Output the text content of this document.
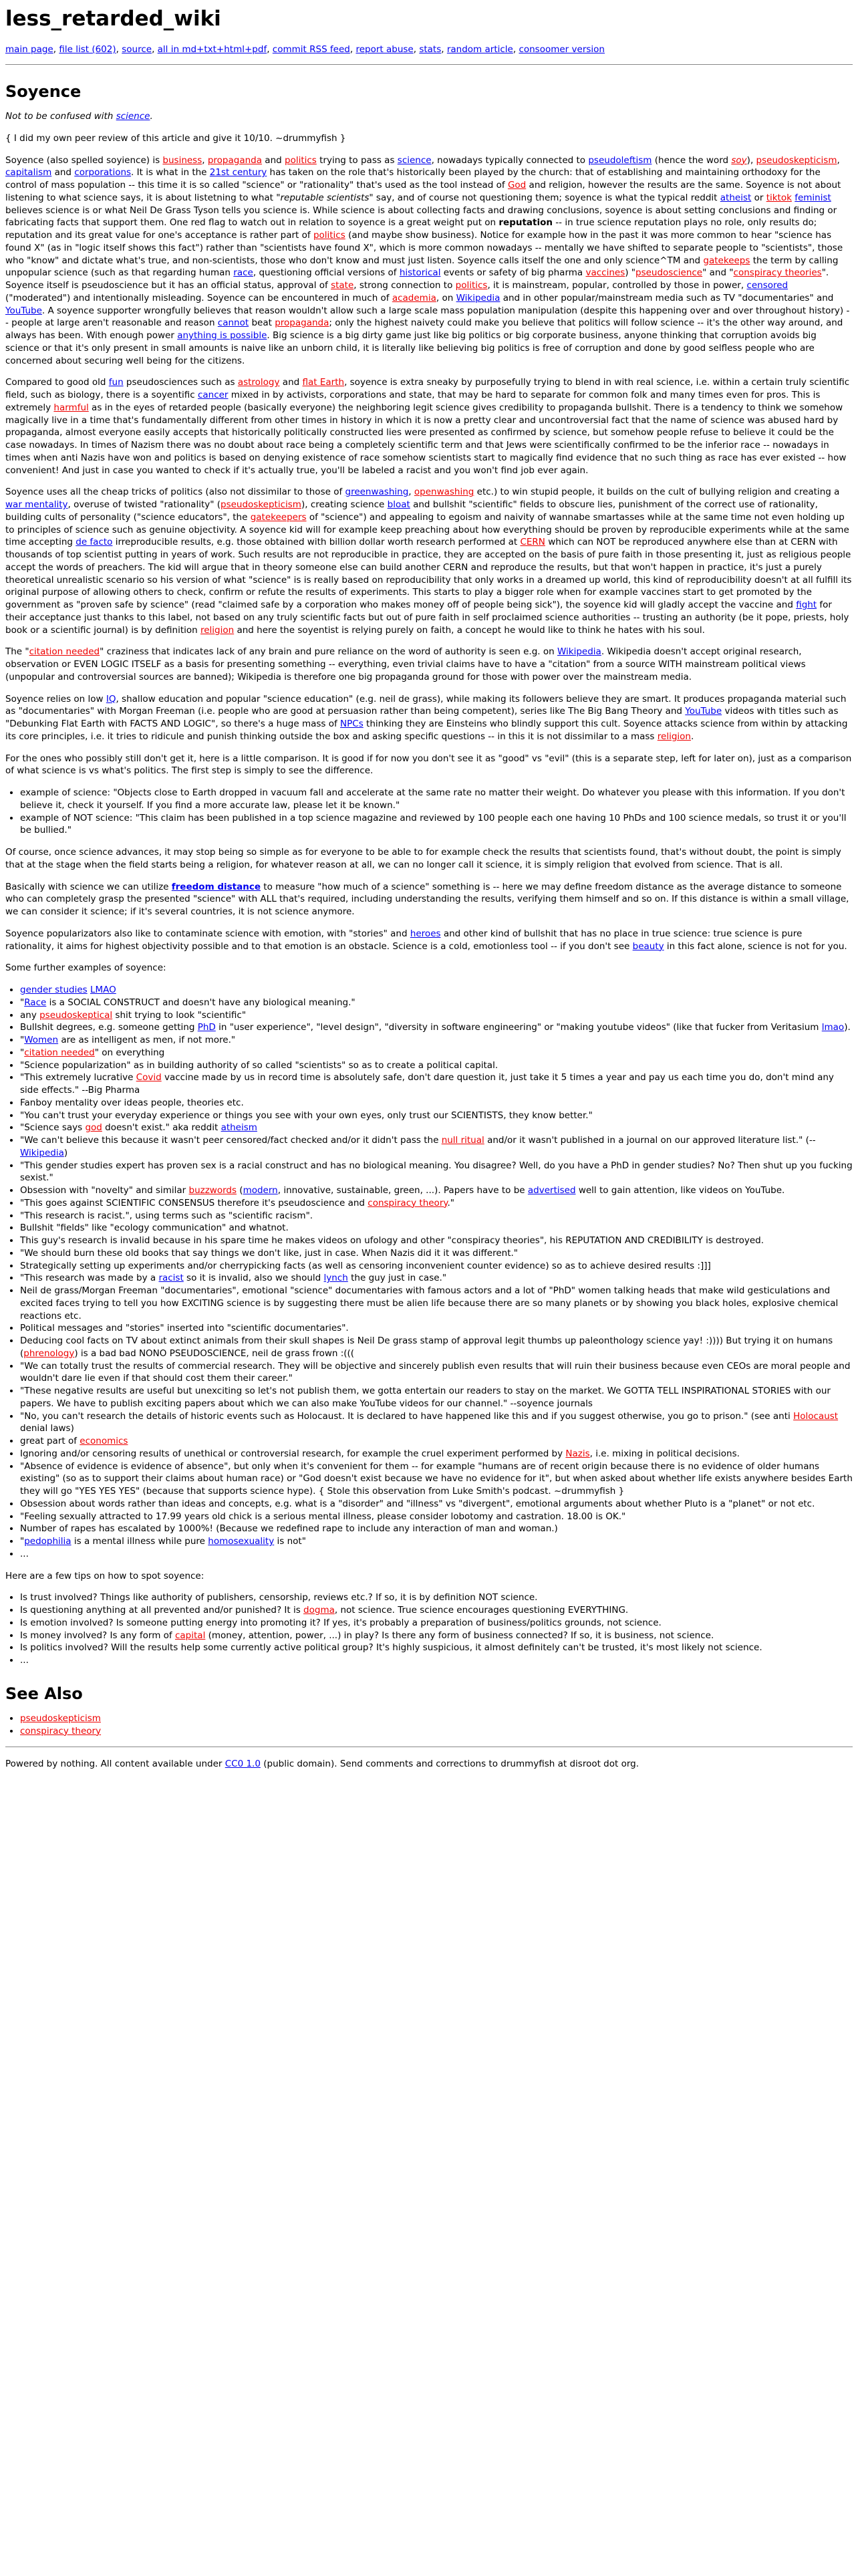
less_retarded_wiki
main page, file list (602), source, all in md+txt+html+pdf, commit RSS feed, report abuse, stats, random article, consoomer version
Soyence

Not to be confused with science.

{ I did my own peer review of this article and give it 10/10. ~drummyfish }

Soyence (also spelled soyience) is business, propaganda and politics trying to pass as science, nowadays typically connected to pseudoleftism (hence the word soy), pseudoskepticism, capitalism and corporations. It is what in the 21st century has taken on the role that's historically been played by the church: that of establishing and maintaining orthodoxy for the control of mass population -- this time it is so called "science" or "rationality" that's used as the tool instead of God and religion, however the results are the same. Soyence is not about listening to what science says, it is about listetning to what "reputable scientists" say, and of course not questioning them; soyence is what the typical reddit atheist or tiktok feminist believes science is or what Neil De Grass Tyson tells you science is. While science is about collecting facts and drawing conclusions, soyence is about setting conclusions and finding or fabricating facts that support them. One red flag to watch out in relation to soyence is a great weight put on reputation -- in true science reputation plays no role, only results do; reputation and its great value for one's acceptance is rather part of politics (and maybe show business). Notice for example how in the past it was more common to hear "science has found X" (as in "logic itself shows this fact") rather than "scientists have found X", which is more common nowadays -- mentally we have shifted to separate people to "scientists", those who "know" and dictate what's true, and non-scientists, those who don't know and must just listen. Soyence calls itself the one and only science^TM and gatekeeps the term by calling unpopular science (such as that regarding human race, questioning official versions of historical events or safety of big pharma vaccines) "pseudoscience" and "conspiracy theories". Soyence itself is pseudoscience but it has an official status, approval of state, strong connection to politics, it is mainstream, popular, controlled by those in power, censored ("moderated") and intentionally misleading. Soyence can be encountered in much of academia, on Wikipedia and in other popular/mainstream media such as TV "documentaries" and YouTube. A soyence supporter wrongfully believes that reason wouldn't allow such a large scale mass population manipulation (despite this happening over and over throughout history) -- people at large aren't reasonable and reason cannot beat propaganda; only the highest naivety could make you believe that politics will follow science -- it's the other way around, and always has been. With enough power anything is possible. Big science is a big dirty game just like big politics or big corporate business, anyone thinking that corruption avoids big science or that it's only present in small amounts is naive like an unborn child, it is literally like believing big politics is free of corruption and done by good selfless people who are concerned about securing well being for the citizens.

Compared to good old fun pseudosciences such as astrology and flat Earth, soyence is extra sneaky by purposefully trying to blend in with real science, i.e. within a certain truly scientific field, such as biology, there is a soyentific cancer mixed in by activists, corporations and state, that may be hard to separate for common folk and many times even for pros. This is extremely harmful as in the eyes of retarded people (basically everyone) the neighboring legit science gives credibility to propaganda bullshit. There is a tendency to think we somehow magically live in a time that's fundamentally different from other times in history in which it is now a pretty clear and uncontroversial fact that the name of science was abused hard by propaganda, almost everyone easily accepts that historically politically constructed lies were presented as confirmed by science, but somehow people refuse to believe it could be the case nowadays. In times of Nazism there was no doubt about race being a completely scientific term and that Jews were scientifically confirmed to be the inferior race -- nowadays in times when anti Nazis have won and politics is based on denying existence of race somehow scientists start to magically find evidence that no such thing as race has ever existed -- how convenient! And just in case you wanted to check if it's actually true, you'll be labeled a racist and you won't find job ever again.

Soyence uses all the cheap tricks of politics (also not dissimilar to those of greenwashing, openwashing etc.) to win stupid people, it builds on the cult of bullying religion and creating a war mentality, overuse of twisted "rationality" (pseudoskepticism), creating science bloat and bullshit "scientific" fields to obscure lies, punishment of the correct use of rationality, building cults of personality ("science educators", the gatekeepers of "science") and appealing to egoism and naivity of wannabe smartasses while at the same time not even holding up to principles of science such as genuine objectivity. A soyence kid will for example keep preaching about how everything should be proven by reproducible experiments while at the same time accepting de facto irreproducible results, e.g. those obtained with billion dollar worth research performed at CERN which can NOT be reproduced anywhere else than at CERN with thousands of top scientist putting in years of work. Such results are not reproducible in practice, they are accepted on the basis of pure faith in those presenting it, just as religious people accept the words of preachers. The kid will argue that in theory someone else can build another CERN and reproduce the results, but that won't happen in practice, it's just a purely theoretical unrealistic scenario so his version of what "science" is is really based on reproducibility that only works in a dreamed up world, this kind of reproducibility doesn't at all fulfill its original purpose of allowing others to check, confirm or refute the results of experiments. This starts to play a bigger role when for example vaccines start to get promoted by the government as "proven safe by science" (read "claimed safe by a corporation who makes money off of people being sick"), the soyence kid will gladly accept the vaccine and fight for their acceptance just thanks to this label, not based on any truly scientific facts but out of pure faith in self proclaimed science authorities -- trusting an authority (be it pope, priests, holy book or a scientific journal) is by definition religion and here the soyentist is relying purely on faith, a concept he would like to think he hates with his soul.

The "citation needed" craziness that indicates lack of any brain and pure reliance on the word of authority is seen e.g. on Wikipedia. Wikipedia doesn't accept original research, observation or EVEN LOGIC ITSELF as a basis for presenting something -- everything, even trivial claims have to have a "citation" from a source WITH mainstream political views (unpopular and controversial sources are banned); Wikipedia is therefore one big propaganda ground for those with power over the mainstream media.

Soyence relies on low IQ, shallow education and popular "science education" (e.g. neil de grass), while making its followers believe they are smart. It produces propaganda material such as "documentaries" with Morgan Freeman (i.e. people who are good at persuasion rather than being competent), series like The Big Bang Theory and YouTube videos with titles such as "Debunking Flat Earth with FACTS AND LOGIC", so there's a huge mass of NPCs thinking they are Einsteins who blindly support this cult. Soyence attacks science from within by attacking its core principles, i.e. it tries to ridicule and punish thinking outside the box and asking specific questions -- in this it is not dissimilar to a mass religion.

For the ones who possibly still don't get it, here is a little comparison. It is good if for now you don't see it as "good" vs "evil" (this is a separate step, left for later on), just as a comparison of what science is vs what's politics. The first step is simply to see the difference.

• example of science: "Objects close to Earth dropped in vacuum fall and accelerate at the same rate no matter their weight. Do whatever you please with this information. If you don't believe it, check it yourself. If you find a more accurate law, please let it be known."
• example of NOT science: "This claim has been published in a top science magazine and reviewed by 100 people each one having 10 PhDs and 100 science medals, so trust it or you'll be bullied."

Of course, once science advances, it may stop being so simple as for everyone to be able to for example check the results that scientists found, that's without doubt, the point is simply that at the stage when the field starts being a religion, for whatever reason at all, we can no longer call it science, it is simply religion that evolved from science. That is all.

Basically with science we can utilize freedom distance to measure "how much of a science" something is -- here we may define freedom distance as the average distance to someone who can completely grasp the presented "science" with ALL that's required, including understanding the results, verifying them himself and so on. If this distance is within a small village, we can consider it science; if it's several countries, it is not science anymore.

Soyence popularizators also like to contaminate science with emotion, with "stories" and heroes and other kind of bullshit that has no place in true science: true science is pure rationality, it aims for highest objectivity possible and to that emotion is an obstacle. Science is a cold, emotionless tool -- if you don't see beauty in this fact alone, science is not for you.

Some further examples of soyence:

• gender studies LMAO
• "Race is a SOCIAL CONSTRUCT and doesn't have any biological meaning."
• any pseudoskeptical shit trying to look "scientific"
• Bullshit degrees, e.g. someone getting PhD in "user experience", "level design", "diversity in software engineering" or "making youtube videos" (like that fucker from Veritasium lmao).
• "Women are as intelligent as men, if not more."
• "citation needed" on everything
• "Science popularization" as in building authority of so called "scientists" so as to create a political capital.
• "This extremely lucrative Covid vaccine made by us in record time is absolutely safe, don't dare question it, just take it 5 times a year and pay us each time you do, don't mind any side effects." --Big Pharma
• Fanboy mentality over ideas people, theories etc.
• "You can't trust your everyday experience or things you see with your own eyes, only trust our SCIENTISTS, they know better."
• "Science says god doesn't exist." aka reddit atheism
• "We can't believe this because it wasn't peer censored/fact checked and/or it didn't pass the null ritual and/or it wasn't published in a journal on our approved literature list." (--Wikipedia)
• "This gender studies expert has proven sex is a racial construct and has no biological meaning. You disagree? Well, do you have a PhD in gender studies? No? Then shut up you fucking sexist."
• Obsession with "novelty" and similar buzzwords (modern, innovative, sustainable, green, ...). Papers have to be advertised well to gain attention, like videos on YouTube.
• "This goes against SCIENTIFIC CONSENSUS therefore it's pseudoscience and conspiracy theory."
• "This research is racist.", using terms such as "scientific racism".
• Bullshit "fields" like "ecology communication" and whatnot.
• This guy's research is invalid because in his spare time he makes videos on ufology and other "conspiracy theories", his REPUTATION AND CREDIBILITY is destroyed.
• "We should burn these old books that say things we don't like, just in case. When Nazis did it it was different."
• Strategically setting up experiments and/or cherrypicking facts (as well as censoring inconvenient counter evidence) so as to achieve desired results :]]]
• "This research was made by a racist so it is invalid, also we should lynch the guy just in case."
• Neil de grass/Morgan Freeman "documentaries", emotional "science" documentaries with famous actors and a lot of "PhD" women talking heads that make wild gesticulations and excited faces trying to tell you how EXCITING science is by suggesting there must be alien life because there are so many planets or by showing you black holes, explosive chemical reactions etc.
• Political messages and "stories" inserted into "scientific documentaries".
• Deducing cool facts on TV about extinct animals from their skull shapes is Neil De grass stamp of approval legit thumbs up paleonthology science yay! :)))) But trying it on humans (phrenology) is a bad bad NONO PSEUDOSCIENCE, neil de grass frown :(((
• "We can totally trust the results of commercial research. They will be objective and sincerely publish even results that will ruin their business because even CEOs are moral people and wouldn't dare lie even if that should cost them their career."
• "These negative results are useful but unexciting so let's not publish them, we gotta entertain our readers to stay on the market. We GOTTA TELL INSPIRATIONAL STORIES with our papers. We have to publish exciting papers about which we can also make YouTube videos for our channel." --soyence journals
• "No, you can't research the details of historic events such as Holocaust. It is declared to have happened like this and if you suggest otherwise, you go to prison." (see anti Holocaust denial laws)
• great part of economics
• Ignoring and/or censoring results of unethical or controversial research, for example the cruel experiment performed by Nazis, i.e. mixing in political decisions.
• "Absence of evidence is evidence of absence", but only when it's convenient for them -- for example "humans are of recent origin because there is no evidence of older humans existing" (so as to support their claims about human race) or "God doesn't exist because we have no evidence for it", but when asked about whether life exists anywhere besides Earth they will go "YES YES YES" (because that supports science hype). { Stole this observation from Luke Smith's podcast. ~drummyfish }
• Obsession about words rather than ideas and concepts, e.g. what is a "disorder" and "illness" vs "divergent", emotional arguments about whether Pluto is a "planet" or not etc.
• "Feeling sexually attracted to 17.99 years old chick is a serious mental illness, please consider lobotomy and castration. 18.00 is OK."
• Number of rapes has escalated by 1000%! (Because we redefined rape to include any interaction of man and woman.)
• "pedophilia is a mental illness while pure homosexuality is not"
• ...

Here are a few tips on how to spot soyence:

• Is trust involved? Things like authority of publishers, censorship, reviews etc.? If so, it is by definition NOT science.
• Is questioning anything at all prevented and/or punished? It is dogma, not science. True science encourages questioning EVERYTHING.
• Is emotion involved? Is someone putting energy into promoting it? If yes, it's probably a preparation of business/politics grounds, not science.
• Is money involved? Is any form of capital (money, attention, power, ...) in play? Is there any form of business connected? If so, it is business, not science.
• Is politics involved? Will the results help some currently active political group? It's highly suspicious, it almost definitely can't be trusted, it's most likely not science.
• ...
See Also
• pseudoskepticism
• conspiracy theory

Powered by nothing. All content available under CC0 1.0 (public domain). Send comments and corrections to drummyfish at disroot dot org.
